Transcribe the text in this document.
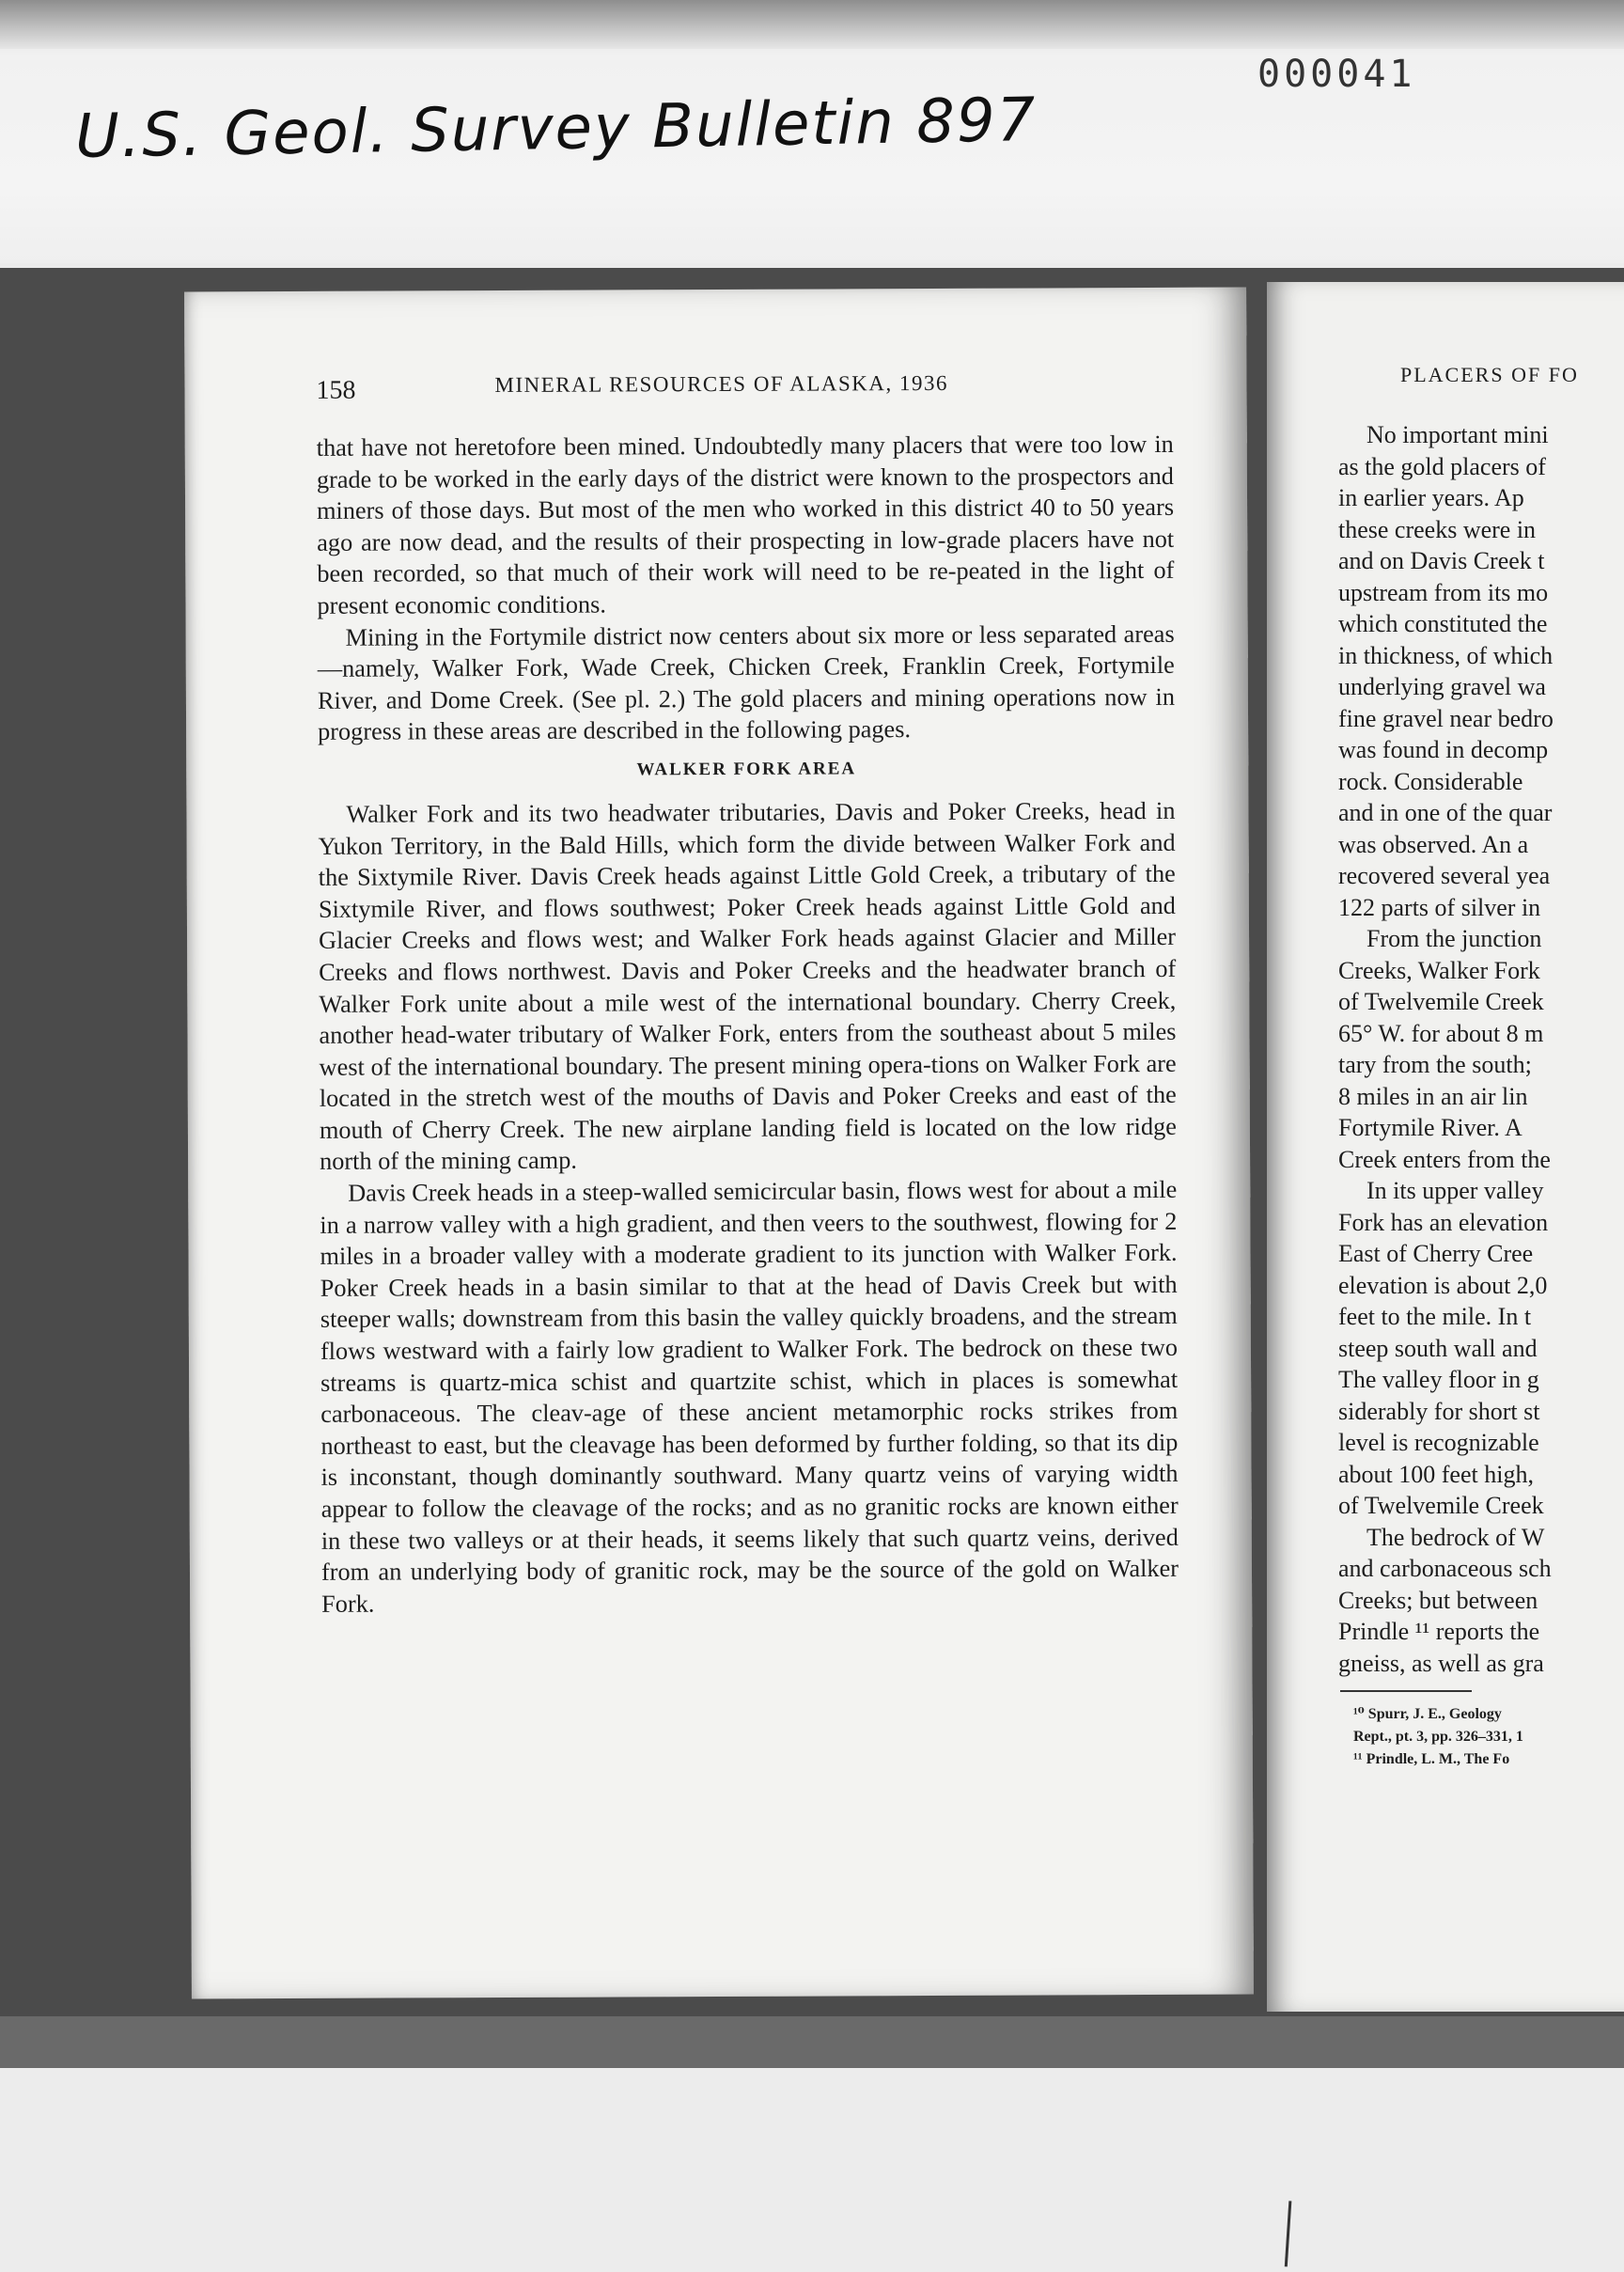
U.S. Geol. Survey Bulletin 897
000041
158	MINERAL RESOURCES OF ALASKA, 1936

that have not heretofore been mined. Undoubtedly many placers that were too low in grade to be worked in the early days of the district were known to the prospectors and miners of those days. But most of the men who worked in this district 40 to 50 years ago are now dead, and the results of their prospecting in low-grade placers have not been recorded, so that much of their work will need to be re-peated in the light of present economic conditions.

Mining in the Fortymile district now centers about six more or less separated areas—namely, Walker Fork, Wade Creek, Chicken Creek, Franklin Creek, Fortymile River, and Dome Creek. (See pl. 2.) The gold placers and mining operations now in progress in these areas are described in the following pages.

WALKER FORK AREA

Walker Fork and its two headwater tributaries, Davis and Poker Creeks, head in Yukon Territory, in the Bald Hills, which form the divide between Walker Fork and the Sixtymile River. Davis Creek heads against Little Gold Creek, a tributary of the Sixtymile River, and flows southwest; Poker Creek heads against Little Gold and Glacier Creeks and flows west; and Walker Fork heads against Glacier and Miller Creeks and flows northwest. Davis and Poker Creeks and the headwater branch of Walker Fork unite about a mile west of the international boundary. Cherry Creek, another head-water tributary of Walker Fork, enters from the southeast about 5 miles west of the international boundary. The present mining opera-tions on Walker Fork are located in the stretch west of the mouths of Davis and Poker Creeks and east of the mouth of Cherry Creek. The new airplane landing field is located on the low ridge north of the mining camp.

Davis Creek heads in a steep-walled semicircular basin, flows west for about a mile in a narrow valley with a high gradient, and then veers to the southwest, flowing for 2 miles in a broader valley with a moderate gradient to its junction with Walker Fork. Poker Creek heads in a basin similar to that at the head of Davis Creek but with steeper walls; downstream from this basin the valley quickly broadens, and the stream flows westward with a fairly low gradient to Walker Fork. The bedrock on these two streams is quartz-mica schist and quartzite schist, which in places is somewhat carbonaceous. The cleav-age of these ancient metamorphic rocks strikes from northeast to east, but the cleavage has been deformed by further folding, so that its dip is inconstant, though dominantly southward. Many quartz veins of varying width appear to follow the cleavage of the rocks; and as no granitic rocks are known either in these two valleys or at their heads, it seems likely that such quartz veins, derived from an underlying body of granitic rock, may be the source of the gold on Walker Fork.

PLACERS OF FO
No important mini
as the gold placers of
in earlier years. Ap
these creeks were in
and on Davis Creek t
upstream from its mo
which constituted the
in thickness, of which
underlying gravel wa
fine gravel near bedro
was found in decomp
rock. Considerable
and in one of the quar
was observed. An a
recovered several yea
122 parts of silver in
From the junction
Creeks, Walker Fork
of Twelvemile Creek
65° W. for about 8 m
tary from the south;
8 miles in an air lin
Fortymile River. A
Creek enters from the
In its upper valley
Fork has an elevation
East of Cherry Cree
elevation is about 2,0
feet to the mile. In t
steep south wall and
The valley floor in g
siderably for short st
level is recognizable
about 100 feet high,
of Twelvemile Creek
The bedrock of W
and carbonaceous sch
Creeks; but between
Prindle ¹¹ reports the
gneiss, as well as gra
¹⁰ Spurr, J. E., Geology
Rept., pt. 3, pp. 326–331, 1
¹¹ Prindle, L. M., The Fo
